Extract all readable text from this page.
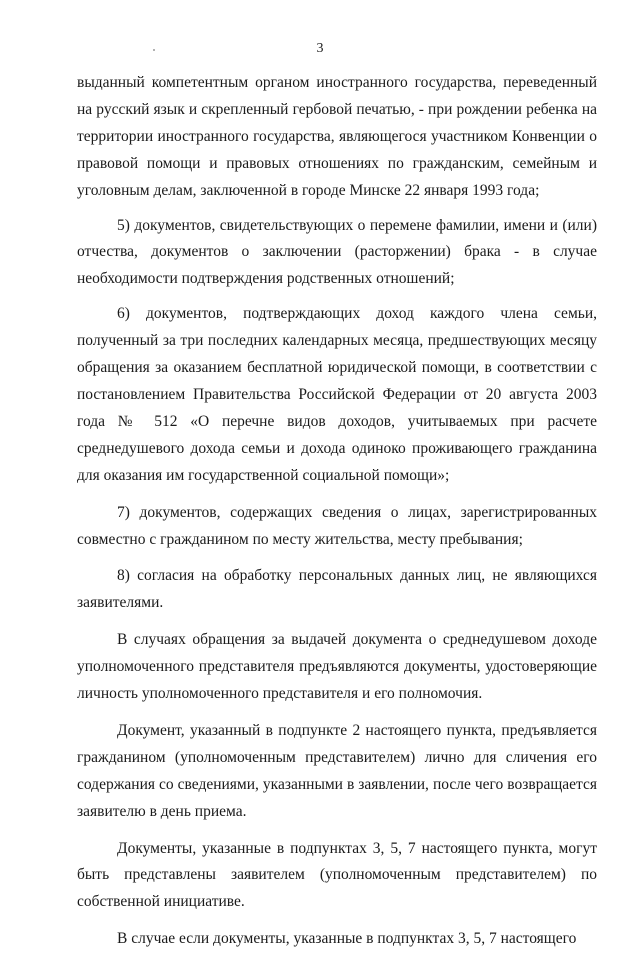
3

выданный компетентным органом иностранного государства, переведенный на русский язык и скрепленный гербовой печатью, - при рождении ребенка на территории иностранного государства, являющегося участником Конвенции о правовой помощи и правовых отношениях по гражданским, семейным и уголовным делам, заключенной в городе Минске 22 января 1993 года;

5) документов, свидетельствующих о перемене фамилии, имени и (или) отчества, документов о заключении (расторжении) брака - в случае необходимости подтверждения родственных отношений;

6) документов, подтверждающих доход каждого члена семьи, полученный за три последних календарных месяца, предшествующих месяцу обращения за оказанием бесплатной юридической помощи, в соответствии с постановлением Правительства Российской Федерации от 20 августа 2003 года № 512 «О перечне видов доходов, учитываемых при расчете среднедушевого дохода семьи и дохода одиноко проживающего гражданина для оказания им государственной социальной помощи»;

7) документов, содержащих сведения о лицах, зарегистрированных совместно с гражданином по месту жительства, месту пребывания;

8) согласия на обработку персональных данных лиц, не являющихся заявителями.

В случаях обращения за выдачей документа о среднедушевом доходе уполномоченного представителя предъявляются документы, удостоверяющие личность уполномоченного представителя и его полномочия.

Документ, указанный в подпункте 2 настоящего пункта, предъявляется гражданином (уполномоченным представителем) лично для сличения его содержания со сведениями, указанными в заявлении, после чего возвращается заявителю в день приема.

Документы, указанные в подпунктах 3, 5, 7 настоящего пункта, могут быть представлены заявителем (уполномоченным представителем) по собственной инициативе.

В случае если документы, указанные в подпунктах 3, 5, 7 настоящего
